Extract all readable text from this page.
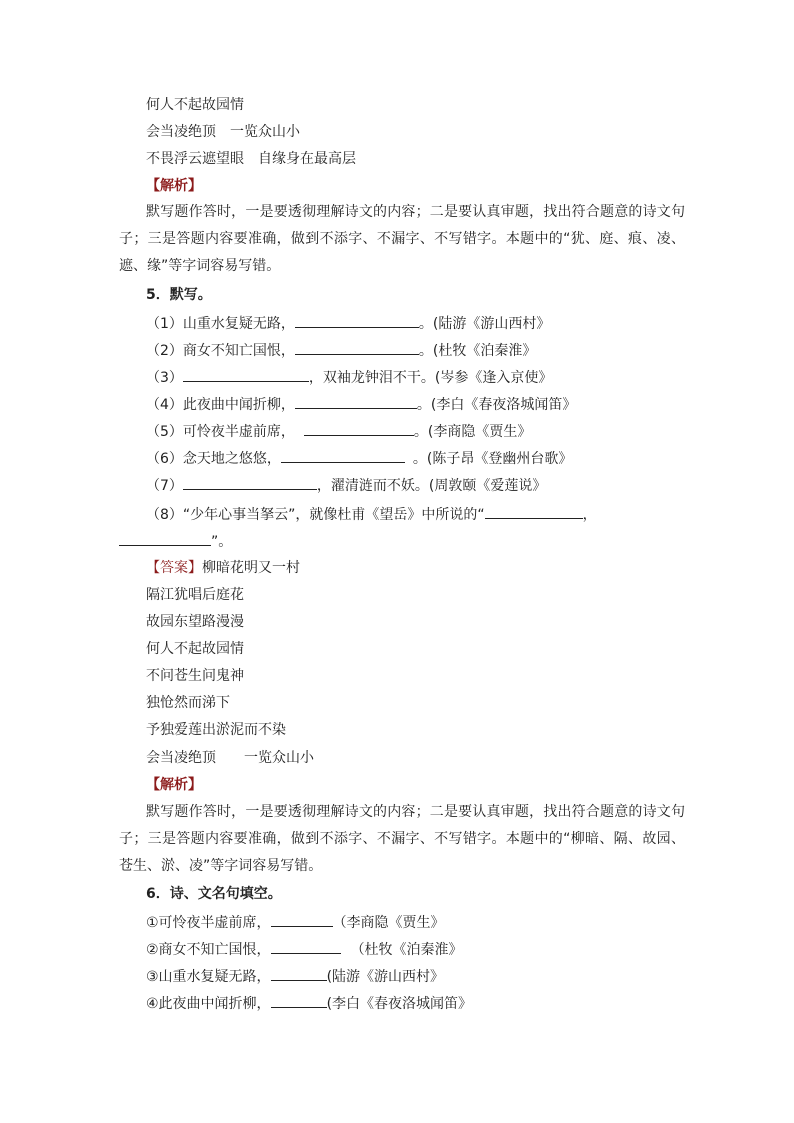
何人不起故园情
会当凌绝顶　一览众山小
不畏浮云遮望眼　自缘身在最高层
【解析】
默写题作答时，一是要透彻理解诗文的内容；二是要认真审题，找出符合题意的诗文句子；三是答题内容要准确，做到不添字、不漏字、不写错字。本题中的“犹、庭、痕、凌、遮、缘”等字词容易写错。
5．默写。
（1）山重水复疑无路，	。(陆游《游山西村》
（2）商女不知亡国恨，	。(杜牧《泊秦淮》
（3）	，双袖龙钟泪不干。(岑参《逢入京使》
（4）此夜曲中闻折柳，	。(李白《春夜洛城闻笛》
（5）可怜夜半虚前席，	。(李商隐《贾生》
（6）念天地之悠悠，	。(陈子昂《登幽州台歌》
（7）	，濯清涟而不妖。(周敦颐《爱莲说》
（8）“少年心事当拏云”，就像杜甫《望岳》中所说的“	，
”。
【答案】柳暗花明又一村
隔江犹唱后庭花
故园东望路漫漫
何人不起故园情
不问苍生问鬼神
独怆然而涕下
予独爱莲出淤泥而不染
会当凌绝顶　　一览众山小
【解析】
默写题作答时，一是要透彻理解诗文的内容；二是要认真审题，找出符合题意的诗文句子；三是答题内容要准确，做到不添字、不漏字、不写错字。本题中的“柳暗、隔、故园、苍生、淤、凌”等字词容易写错。
6．诗、文名句填空。
①可怜夜半虚前席，	（李商隐《贾生》
②商女不知亡国恨，	（杜牧《泊秦淮》
③山重水复疑无路，	(陆游《游山西村》
④此夜曲中闻折柳，	(李白《春夜洛城闻笛》
